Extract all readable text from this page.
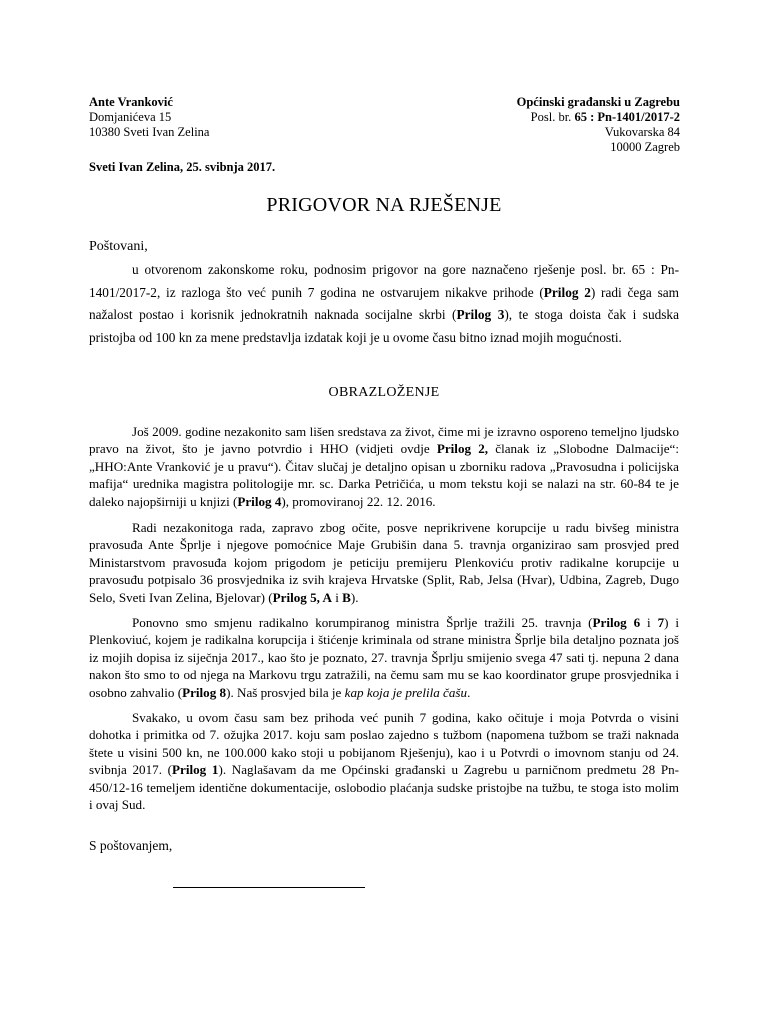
Ante Vranković
Domjanićeva 15
10380 Sveti Ivan Zelina
Općinski građanski u Zagrebu
Posl. br. 65 : Pn-1401/2017-2
Vukovarska 84
10000 Zagreb
Sveti Ivan Zelina, 25. svibnja 2017.
PRIGOVOR NA RJEŠENJE
Poštovani,

u otvorenom zakonskome roku, podnosim prigovor na gore naznačeno rješenje posl. br. 65 : Pn-1401/2017-2, iz razloga što već punih 7 godina ne ostvarujem nikakve prihode (Prilog 2) radi čega sam nažalost postao i korisnik jednokratnih naknada socijalne skrbi (Prilog 3), te stoga doista čak i sudska pristojba od 100 kn za mene predstavlja izdatak koji je u ovome času bitno iznad mojih mogućnosti.

OBRAZLOŽENJE

Još 2009. godine nezakonito sam lišen sredstava za život, čime mi je izravno osporeno temeljno ljudsko pravo na život, što je javno potvrdio i HHO (vidjeti ovdje Prilog 2, članak iz „Slobodne Dalmacije“: „HHO:Ante Vranković je u pravu“). Čitav slučaj je detaljno opisan u zborniku radova „Pravosudna i policijska mafija“ urednika magistra politologije mr. sc. Darka Petričića, u mom tekstu koji se nalazi na str. 60-84 te je daleko najopširniji u knjizi (Prilog 4), promoviranoj 22. 12. 2016.

Radi nezakonitoga rada, zapravo zbog očite, posve neprikrivene korupcije u radu bivšeg ministra pravosuđa Ante Šprlje i njegove pomoćnice Maje Grubišin dana 5. travnja organizirao sam prosvjed pred Ministarstvom pravosuđa kojom prigodom je peticiju premijeru Plenkoviću protiv radikalne korupcije u pravosuđu potpisalo 36 prosvjednika iz svih krajeva Hrvatske (Split, Rab, Jelsa (Hvar), Udbina, Zagreb, Dugo Selo, Sveti Ivan Zelina, Bjelovar) (Prilog 5, A i B).

Ponovno smo smjenu radikalno korumpiranog ministra Šprlje tražili 25. travnja (Prilog 6 i 7) i Plenkoviuć, kojem je radikalna korupcija i štićenje kriminala od strane ministra Šprlje bila detaljno poznata još iz mojih dopisa iz siječnja 2017., kao što je poznato, 27. travnja Šprlju smijenio svega 47 sati tj. nepuna 2 dana nakon što smo to od njega na Markovu trgu zatražili, na čemu sam mu se kao koordinator grupe prosvjednika i osobno zahvalio (Prilog 8). Naš prosvjed bila je kap koja je prelila čašu.

Svakako, u ovom času sam bez prihoda već punih 7 godina, kako očituje i moja Potvrda o visini dohotka i primitka od 7. ožujka 2017. koju sam poslao zajedno s tužbom (napomena tužbom se traži naknada štete u visini 500 kn, ne 100.000 kako stoji u pobijanom Rješenju), kao i u Potvrdi o imovnom stanju od 24. svibnja 2017. (Prilog 1). Naglašavam da me Općinski građanski u Zagrebu u parničnom predmetu 28 Pn-450/12-16 temeljem identične dokumentacije, oslobodio plaćanja sudske pristojbe na tužbu, te stoga isto molim i ovaj Sud.

S poštovanjem,
